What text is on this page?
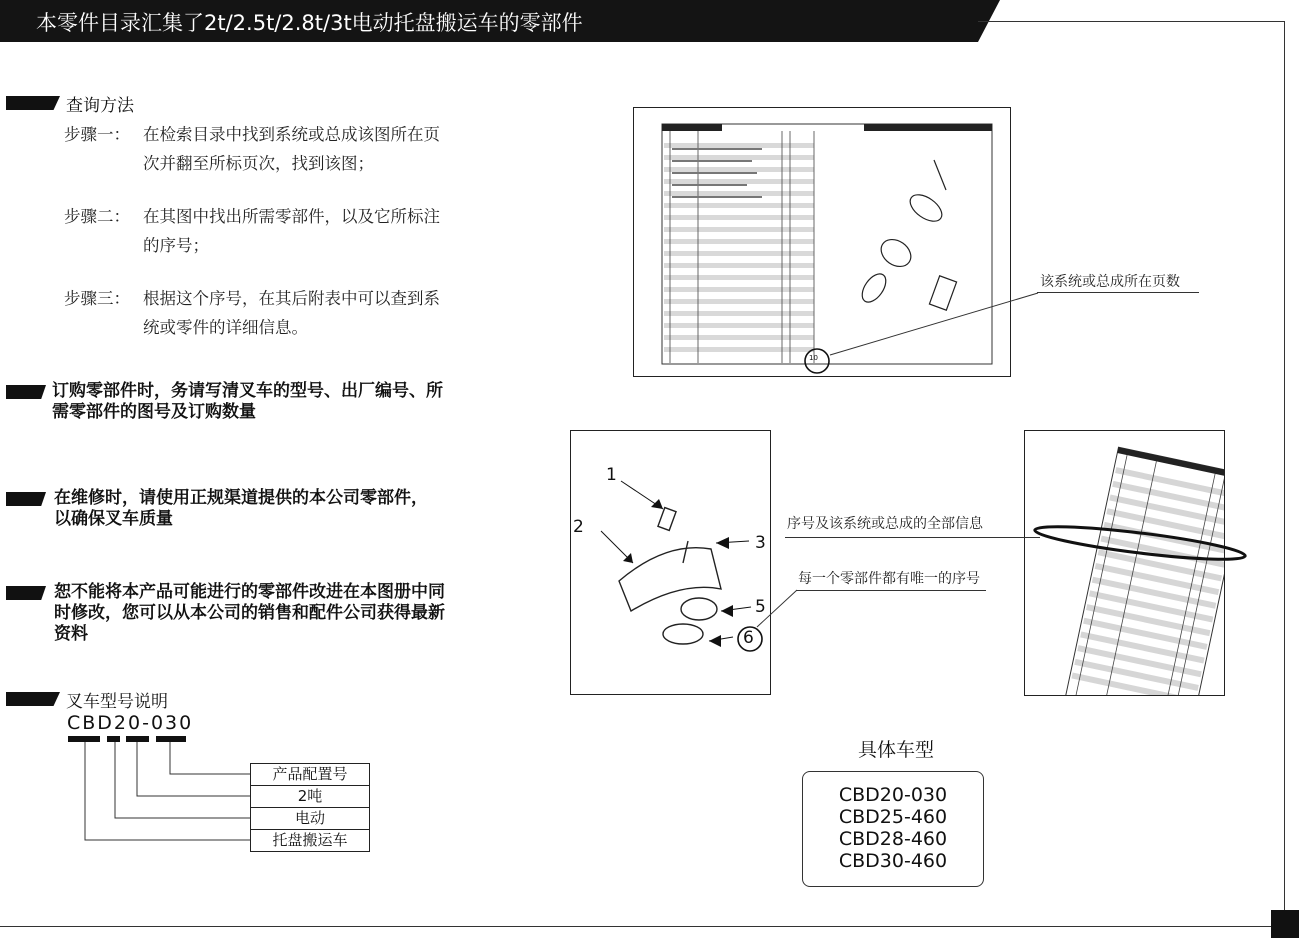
本零件目录汇集了2t/2.5t/2.8t/3t电动托盘搬运车的零部件
查询方法
步骤一： 在检索目录中找到系统或总成该图所在页
次并翻至所标页次，找到该图；
步骤二： 在其图中找出所需零部件，以及它所标注
的序号；
步骤三： 根据这个序号，在其后附表中可以查到系
统或零件的详细信息。
订购零部件时，务请写清叉车的型号、出厂编号、所
需零部件的图号及订购数量
在维修时，请使用正规渠道提供的本公司零部件，
以确保叉车质量
恕不能将本产品可能进行的零部件改进在本图册中同
时修改，您可以从本公司的销售和配件公司获得最新
资料
叉车型号说明
CBD20-030
产品配置号
2吨
电动
托盘搬运车
10
该系统或总成所在页数
1
2
3
5
6
序号及该系统或总成的全部信息
每一个零部件都有唯一的序号
具体车型
CBD20-030
CBD25-460
CBD28-460
CBD30-460
